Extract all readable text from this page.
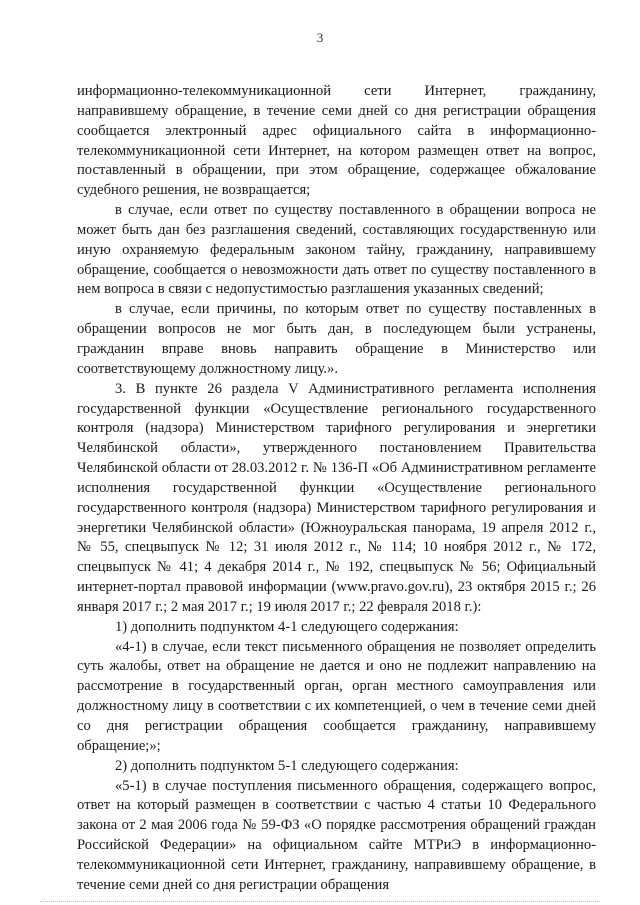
3

информационно-телекоммуникационной сети Интернет, гражданину, направившему обращение, в течение семи дней со дня регистрации обращения сообщается электронный адрес официального сайта в информационно-телекоммуникационной сети Интернет, на котором размещен ответ на вопрос, поставленный в обращении, при этом обращение, содержащее обжалование судебного решения, не возвращается;

в случае, если ответ по существу поставленного в обращении вопроса не может быть дан без разглашения сведений, составляющих государственную или иную охраняемую федеральным законом тайну, гражданину, направившему обращение, сообщается о невозможности дать ответ по существу поставленного в нем вопроса в связи с недопустимостью разглашения указанных сведений;

в случае, если причины, по которым ответ по существу поставленных в обращении вопросов не мог быть дан, в последующем были устранены, гражданин вправе вновь направить обращение в Министерство или соответствующему должностному лицу.».

3. В пункте 26 раздела V Административного регламента исполнения государственной функции «Осуществление регионального государственного контроля (надзора) Министерством тарифного регулирования и энергетики Челябинской области», утвержденного постановлением Правительства Челябинской области от 28.03.2012 г. № 136-П «Об Административном регламенте исполнения государственной функции «Осуществление регионального государственного контроля (надзора) Министерством тарифного регулирования и энергетики Челябинской области» (Южноуральская панорама, 19 апреля 2012 г., № 55, спецвыпуск № 12; 31 июля 2012 г., № 114; 10 ноября 2012 г., № 172, спецвыпуск № 41; 4 декабря 2014 г., № 192, спецвыпуск № 56; Официальный интернет-портал правовой информации (www.pravo.gov.ru), 23 октября 2015 г.; 26 января 2017 г.; 2 мая 2017 г.; 19 июля 2017 г.; 22 февраля 2018 г.):

1) дополнить подпунктом 4-1 следующего содержания:

«4-1) в случае, если текст письменного обращения не позволяет определить суть жалобы, ответ на обращение не дается и оно не подлежит направлению на рассмотрение в государственный орган, орган местного самоуправления или должностному лицу в соответствии с их компетенцией, о чем в течение семи дней со дня регистрации обращения сообщается гражданину, направившему обращение;»;

2) дополнить подпунктом 5-1 следующего содержания:

«5-1) в случае поступления письменного обращения, содержащего вопрос, ответ на который размещен в соответствии с частью 4 статьи 10 Федерального закона от 2 мая 2006 года № 59-ФЗ «О порядке рассмотрения обращений граждан Российской Федерации» на официальном сайте МТРиЭ в информационно-телекоммуникационной сети Интернет, гражданину, направившему обращение, в течение семи дней со дня регистрации обращения
